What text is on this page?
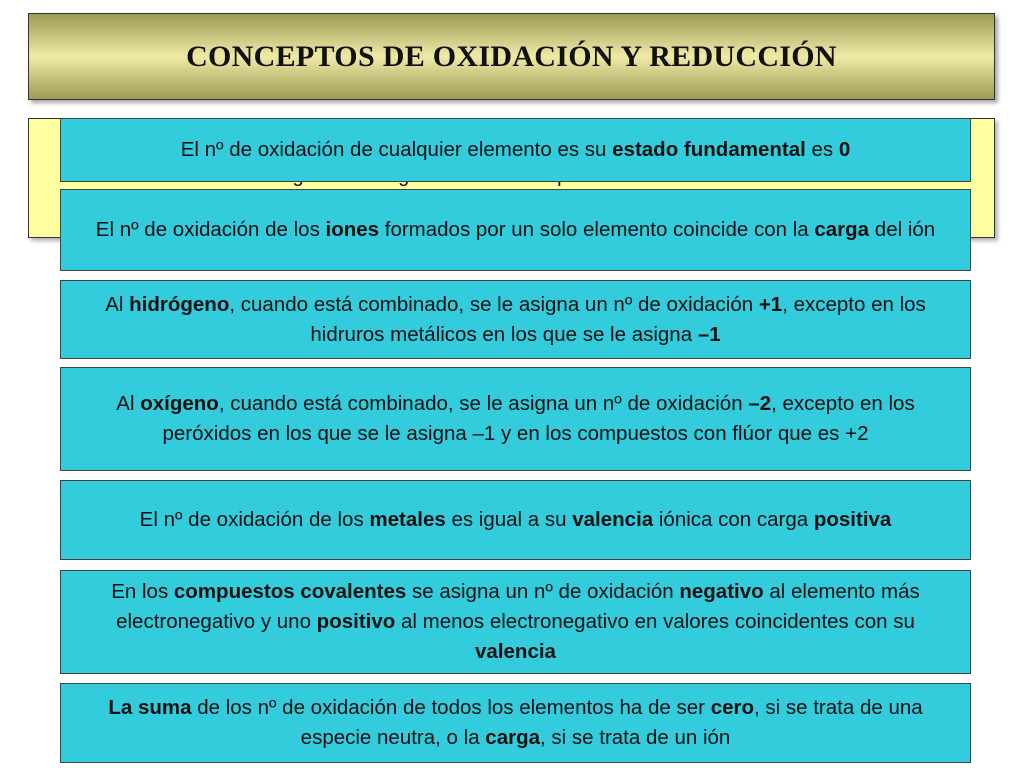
CONCEPTOS DE OXIDACIÓN Y REDUCCIÓN
El nº de oxidación de cualquier elemento es su estado fundamental es 0
El nº de oxidación de los iones formados por un solo elemento coincide con la carga del ión
Al hidrógeno, cuando está combinado, se le asigna un nº de oxidación +1, excepto en los hidruros metálicos en los que se le asigna –1
Al oxígeno, cuando está combinado, se le asigna un nº de oxidación –2, excepto en los peróxidos en los que se le asigna –1 y en los compuestos con flúor que es +2
El nº de oxidación de los metales es igual a su valencia iónica con carga positiva
En los compuestos covalentes se asigna un nº de oxidación negativo al elemento más electronegativo y uno positivo al menos electronegativo en valores coincidentes con su valencia
La suma de los nº de oxidación de todos los elementos ha de ser cero, si se trata de una especie neutra, o la carga, si se trata de un ión
